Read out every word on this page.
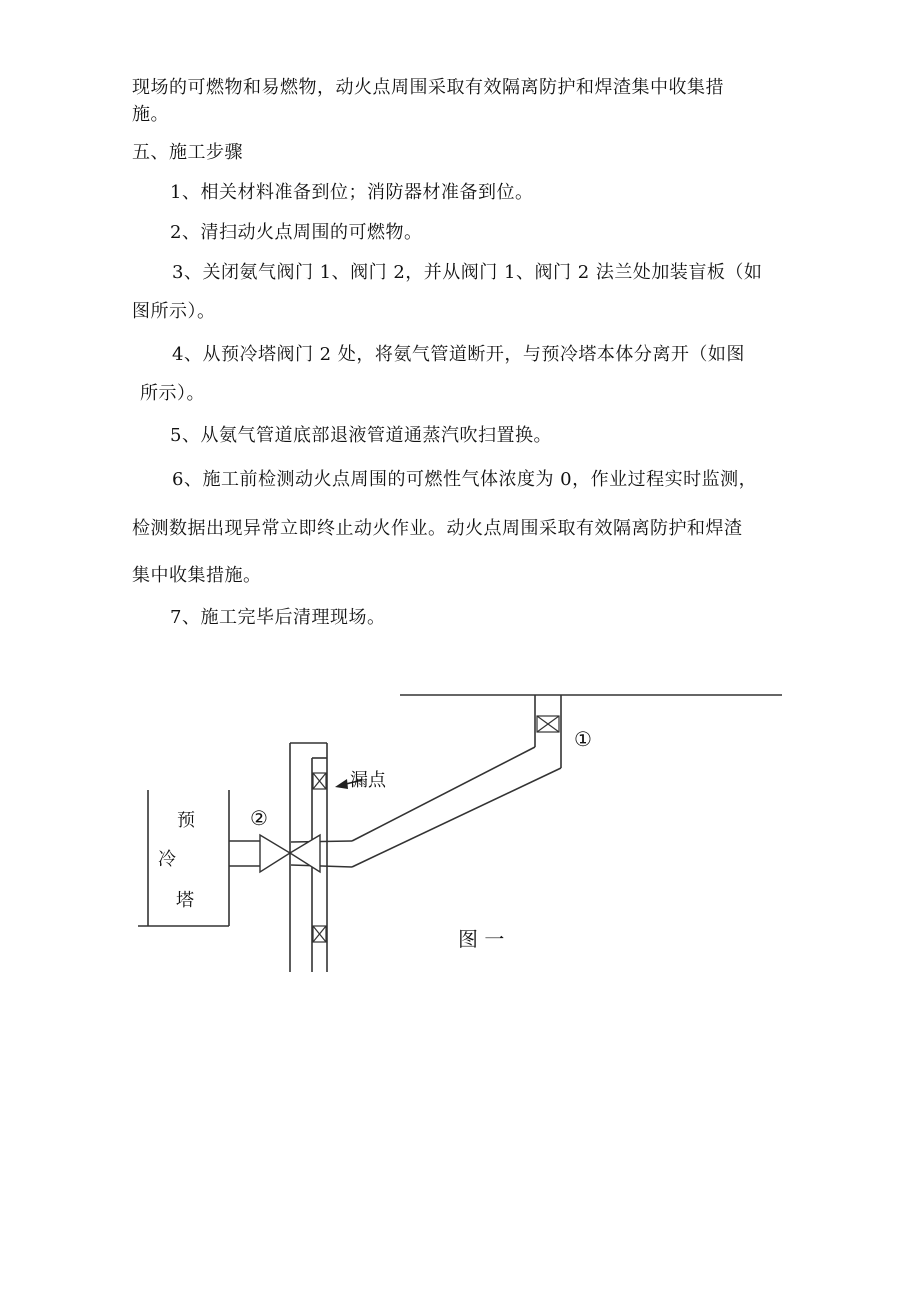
现场的可燃物和易燃物，动火点周围采取有效隔离防护和焊渣集中收集措
施。
五、施工步骤
1、相关材料准备到位；消防器材准备到位。
2、清扫动火点周围的可燃物。
3、关闭氨气阀门 1、阀门 2，并从阀门 1、阀门 2 法兰处加装盲板（如
图所示）。
4、从预冷塔阀门 2 处，将氨气管道断开，与预冷塔本体分离开（如图
所示）。
5、从氨气管道底部退液管道通蒸汽吹扫置换。
6、施工前检测动火点周围的可燃性气体浓度为 0，作业过程实时监测，
检测数据出现异常立即终止动火作业。动火点周围采取有效隔离防护和焊渣
集中收集措施。
7、施工完毕后清理现场。
漏点
①
②
预
冷
塔
图 一
